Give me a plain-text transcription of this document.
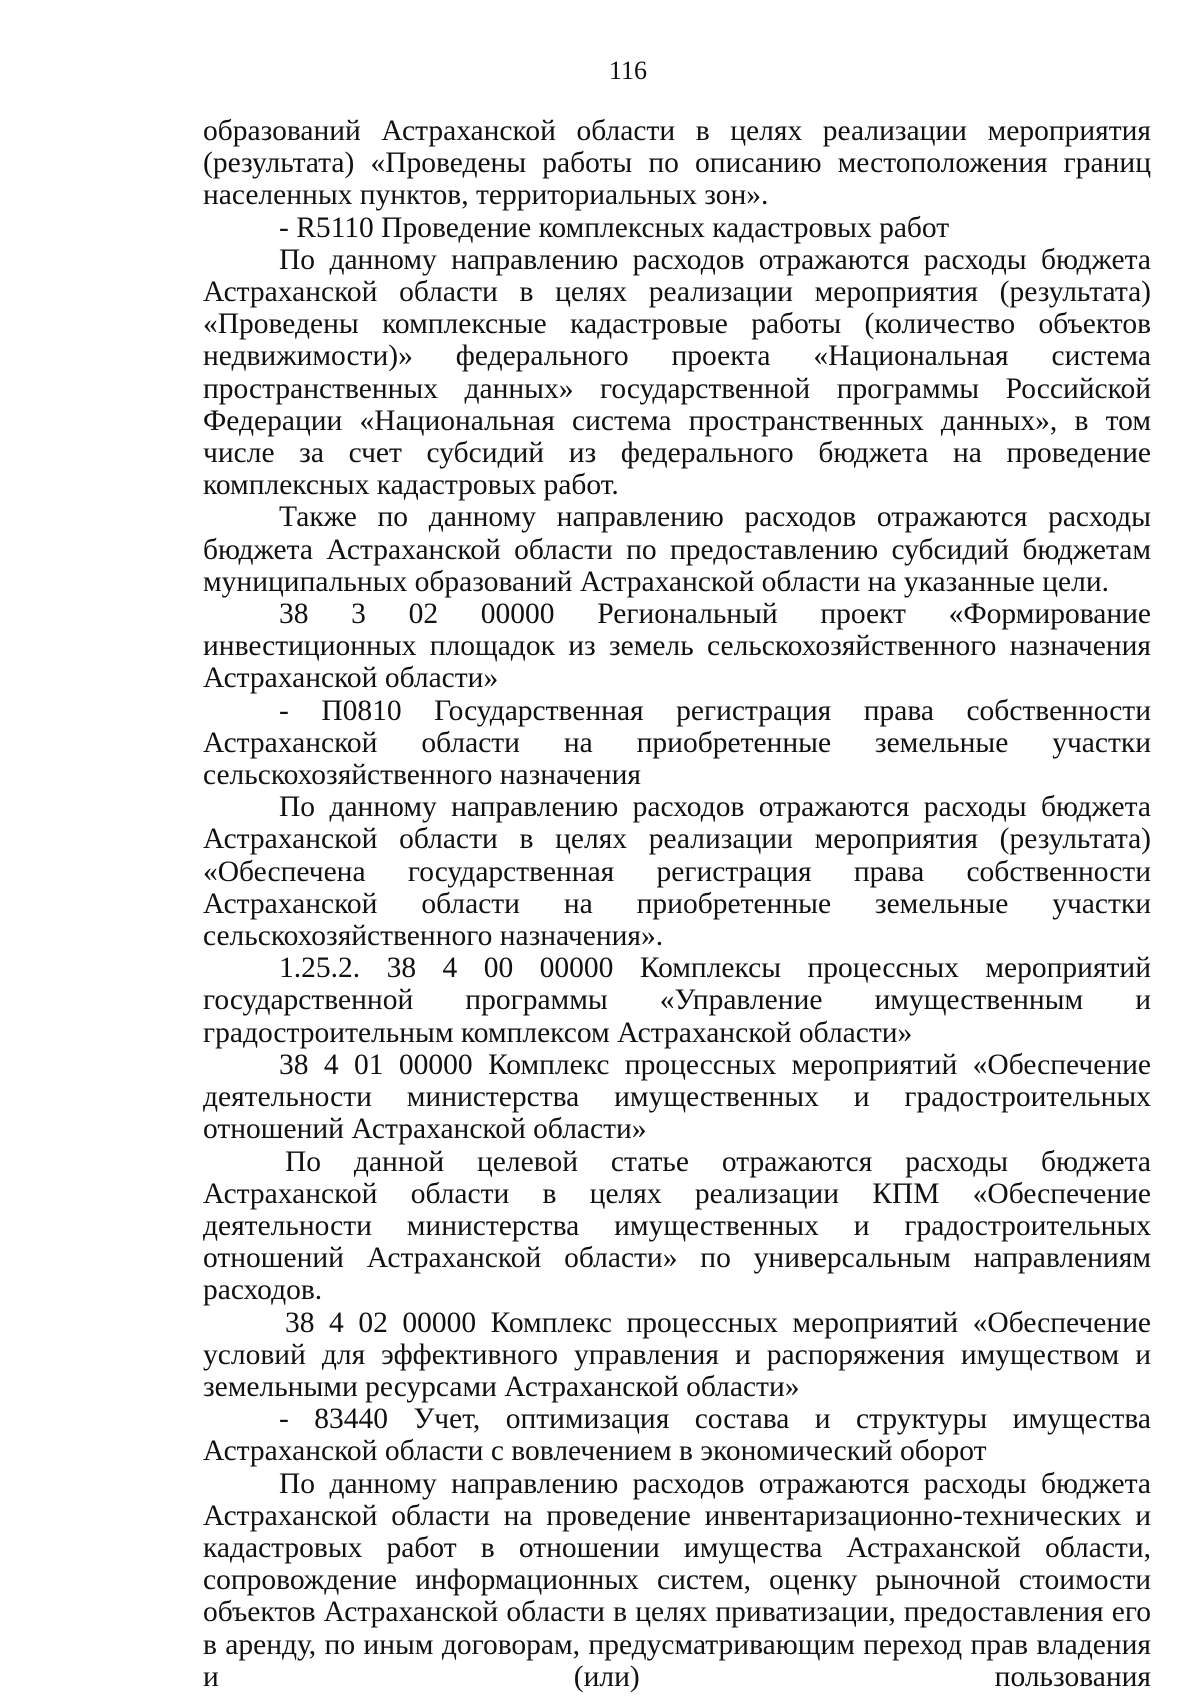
116

образований Астраханской области в целях реализации мероприятия (результата) «Проведены работы по описанию местоположения границ населенных пунктов, территориальных зон».

- R5110 Проведение комплексных кадастровых работ

По данному направлению расходов отражаются расходы бюджета Астраханской области в целях реализации мероприятия (результата) «Проведены комплексные кадастровые работы (количество объектов недвижимости)» федерального проекта «Национальная система пространственных данных» государственной программы Российской Федерации «Национальная система пространственных данных», в том числе за счет субсидий из федерального бюджета на проведение комплексных кадастровых работ.

Также по данному направлению расходов отражаются расходы бюджета Астраханской области по предоставлению субсидий бюджетам муниципальных образований Астраханской области на указанные цели.

38 3 02 00000 Региональный проект «Формирование инвестиционных площадок из земель сельскохозяйственного назначения Астраханской области»

- П0810 Государственная регистрация права собственности Астраханской области на приобретенные земельные участки сельскохозяйственного назначения

По данному направлению расходов отражаются расходы бюджета Астраханской области в целях реализации мероприятия (результата) «Обеспечена государственная регистрация права собственности Астраханской области на приобретенные земельные участки сельскохозяйственного назначения».

1.25.2. 38 4 00 00000 Комплексы процессных мероприятий государственной программы «Управление имущественным и градостроительным комплексом Астраханской области»

38 4 01 00000 Комплекс процессных мероприятий «Обеспечение деятельности министерства имущественных и градостроительных отношений Астраханской области»

По данной целевой статье отражаются расходы бюджета Астраханской области в целях реализации КПМ «Обеспечение деятельности министерства имущественных и градостроительных отношений Астраханской области» по универсальным направлениям расходов.

38 4 02 00000 Комплекс процессных мероприятий «Обеспечение условий для эффективного управления и распоряжения имуществом и земельными ресурсами Астраханской области»

- 83440 Учет, оптимизация состава и структуры имущества Астраханской области с вовлечением в экономический оборот

По данному направлению расходов отражаются расходы бюджета Астраханской области на проведение инвентаризационно-технических и кадастровых работ в отношении имущества Астраханской области, сопровождение информационных систем, оценку рыночной стоимости объектов Астраханской области в целях приватизации, предоставления его в аренду, по иным договорам, предусматривающим переход прав владения и (или) пользования
